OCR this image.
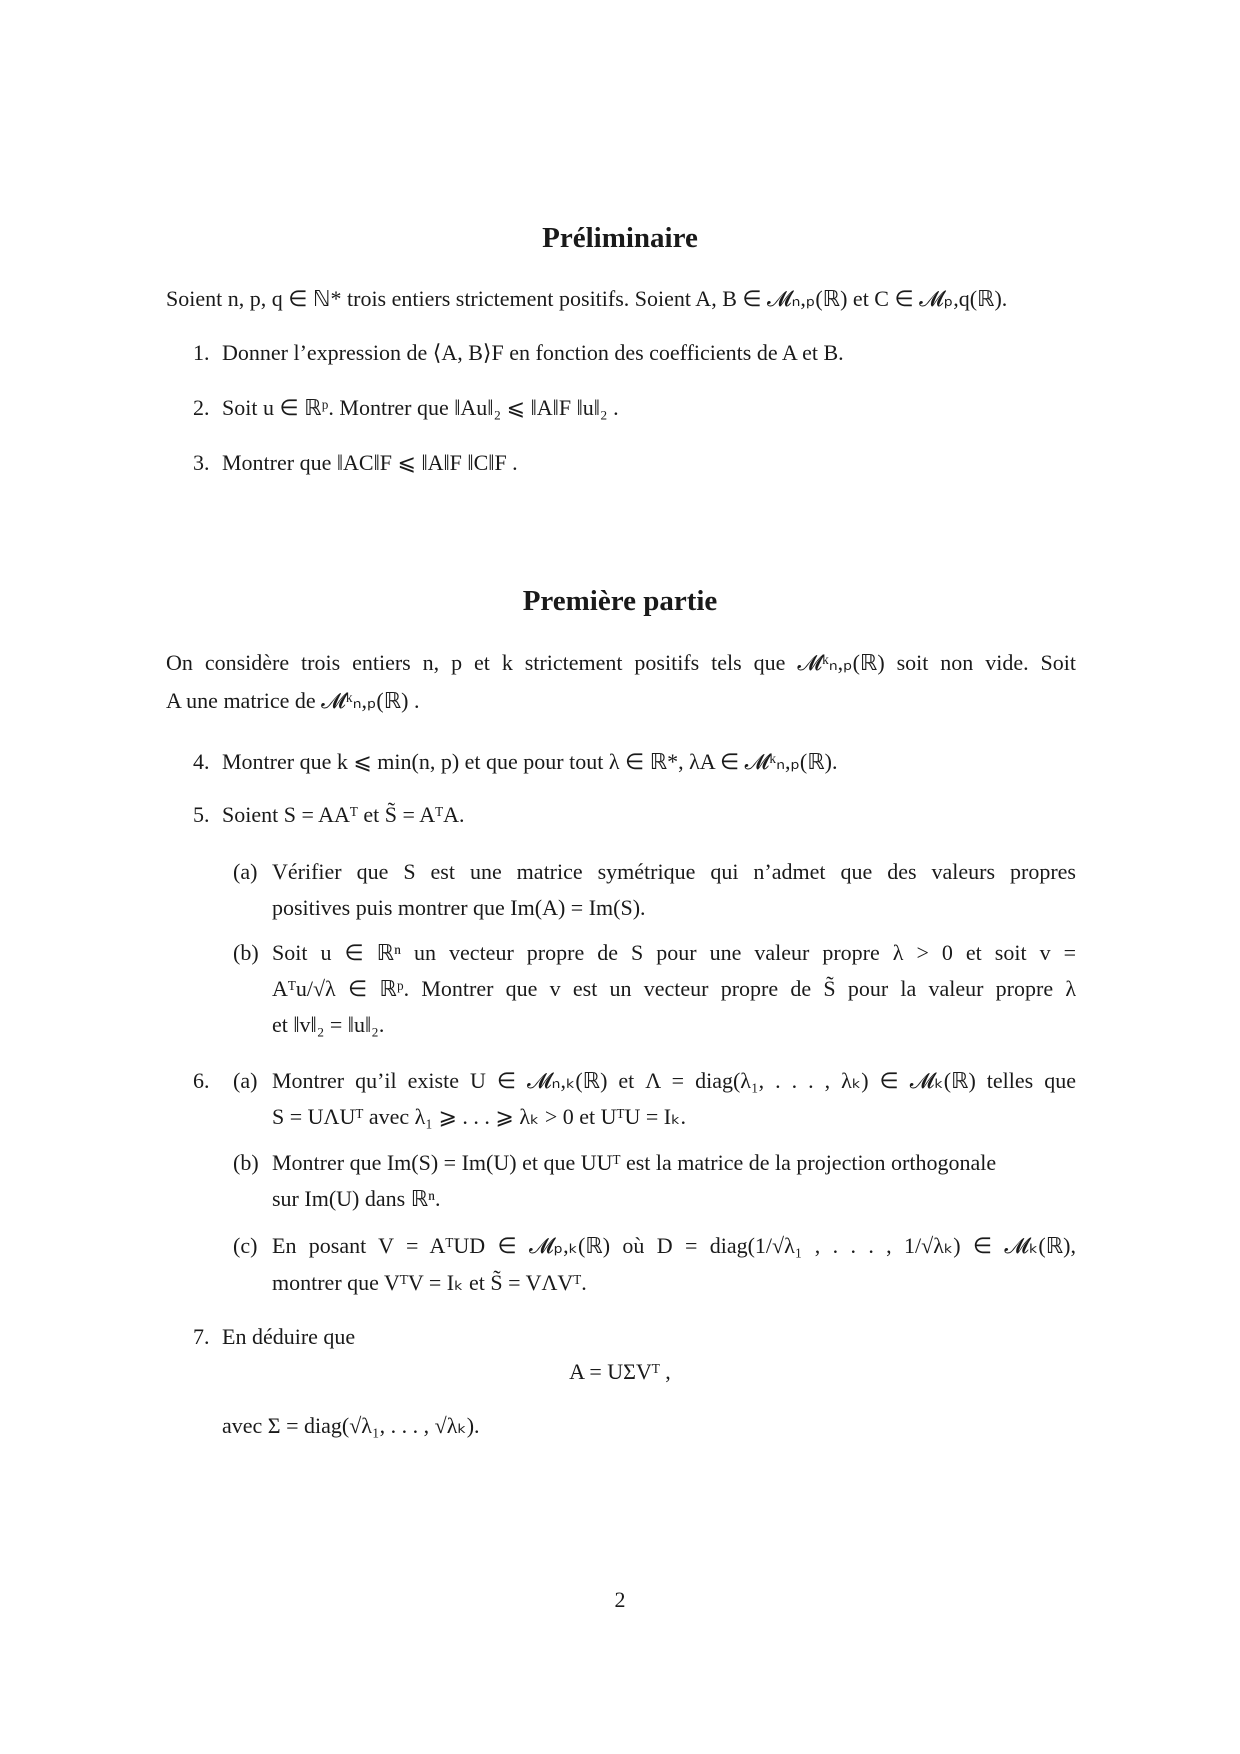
Préliminaire
Soient n, p, q ∈ ℕ* trois entiers strictement positifs. Soient A, B ∈ 𝓜ₙ,ₚ(ℝ) et C ∈ 𝓜ₚ,q(ℝ).
1. Donner l’expression de ⟨A, B⟩F en fonction des coefficients de A et B.
2. Soit u ∈ ℝᵖ. Montrer que ‖Au‖₂ ⩽ ‖A‖F ‖u‖₂ .
3. Montrer que ‖AC‖F ⩽ ‖A‖F ‖C‖F .
Première partie
On considère trois entiers n, p et k strictement positifs tels que 𝓜ᵏₙ,ₚ(ℝ) soit non vide. Soit
A une matrice de 𝓜ᵏₙ,ₚ(ℝ) .
4. Montrer que k ⩽ min(n, p) et que pour tout λ ∈ ℝ*, λA ∈ 𝓜ᵏₙ,ₚ(ℝ).
5. Soient S = AAᵀ et S̃ = AᵀA.
(a) Vérifier que S est une matrice symétrique qui n’admet que des valeurs propres
positives puis montrer que Im(A) = Im(S).
(b) Soit u ∈ ℝⁿ un vecteur propre de S pour une valeur propre λ > 0 et soit v =
Aᵀu/√λ ∈ ℝᵖ. Montrer que v est un vecteur propre de S̃ pour la valeur propre λ
et ‖v‖₂ = ‖u‖₂.
6. (a) Montrer qu’il existe U ∈ 𝓜ₙ,ₖ(ℝ) et Λ = diag(λ₁, . . . , λₖ) ∈ 𝓜ₖ(ℝ) telles que
S = UΛUᵀ avec λ₁ ⩾ . . . ⩾ λₖ > 0 et UᵀU = Iₖ.
(b) Montrer que Im(S) = Im(U) et que UUᵀ est la matrice de la projection orthogonale
sur Im(U) dans ℝⁿ.
(c) En posant V = AᵀUD ∈ 𝓜ₚ,ₖ(ℝ) où D = diag(1/√λ₁ , . . . , 1/√λₖ) ∈ 𝓜ₖ(ℝ),
montrer que VᵀV = Iₖ et S̃ = VΛVᵀ.
7. En déduire que
A = UΣVᵀ ,
avec Σ = diag(√λ₁, . . . , √λₖ).
2
